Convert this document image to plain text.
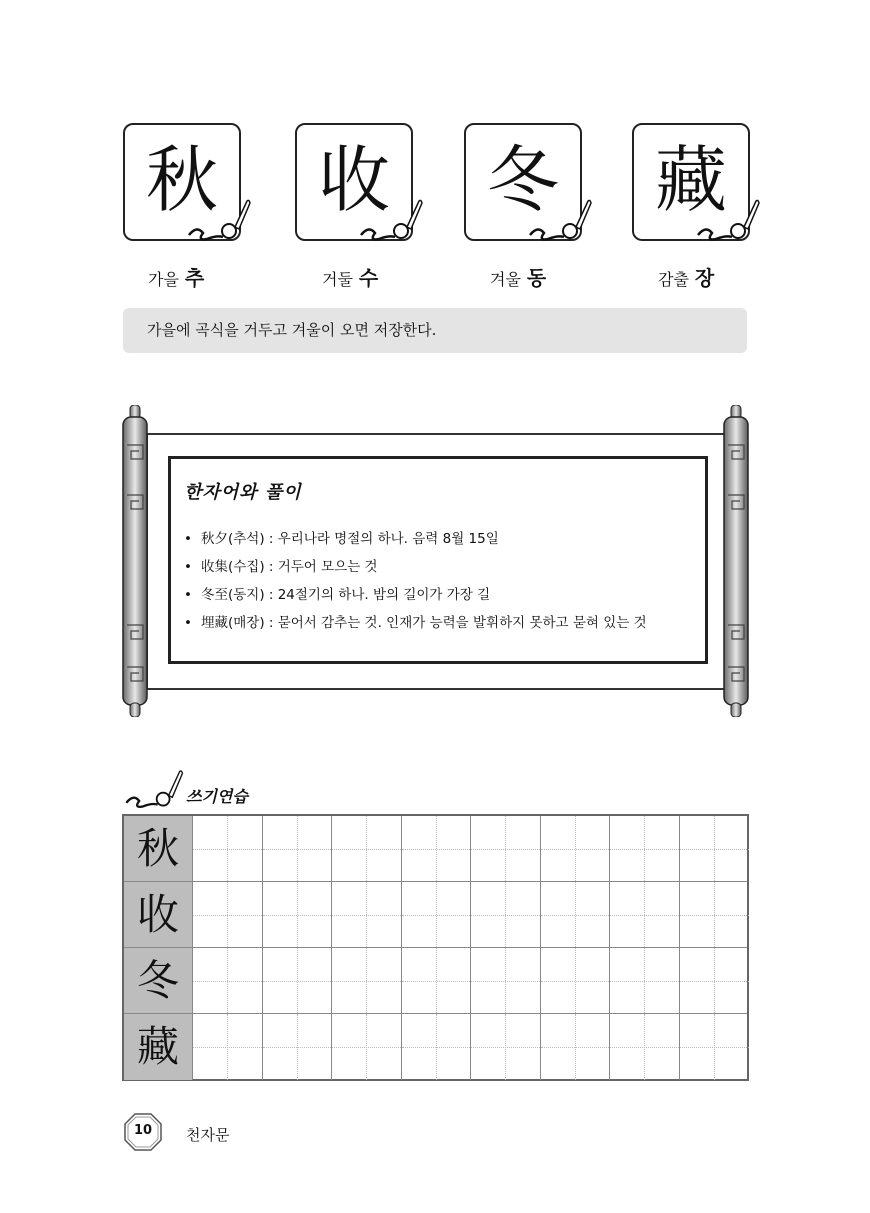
秋 收 冬 藏
가을 추	거둘 수	겨울 동	감출 장
가을에 곡식을 거두고 겨울이 오면 저장한다.
한자어와 풀이
• 秋夕(추석) : 우리나라 명절의 하나. 음력 8월 15일
• 收集(수집) : 거두어 모으는 것
• 冬至(동지) : 24절기의 하나. 밤의 길이가 가장 길
• 埋藏(매장) : 묻어서 감추는 것. 인재가 능력을 발휘하지 못하고 묻혀 있는 것
쓰기연습
秋
收
冬
藏
10	천자문
